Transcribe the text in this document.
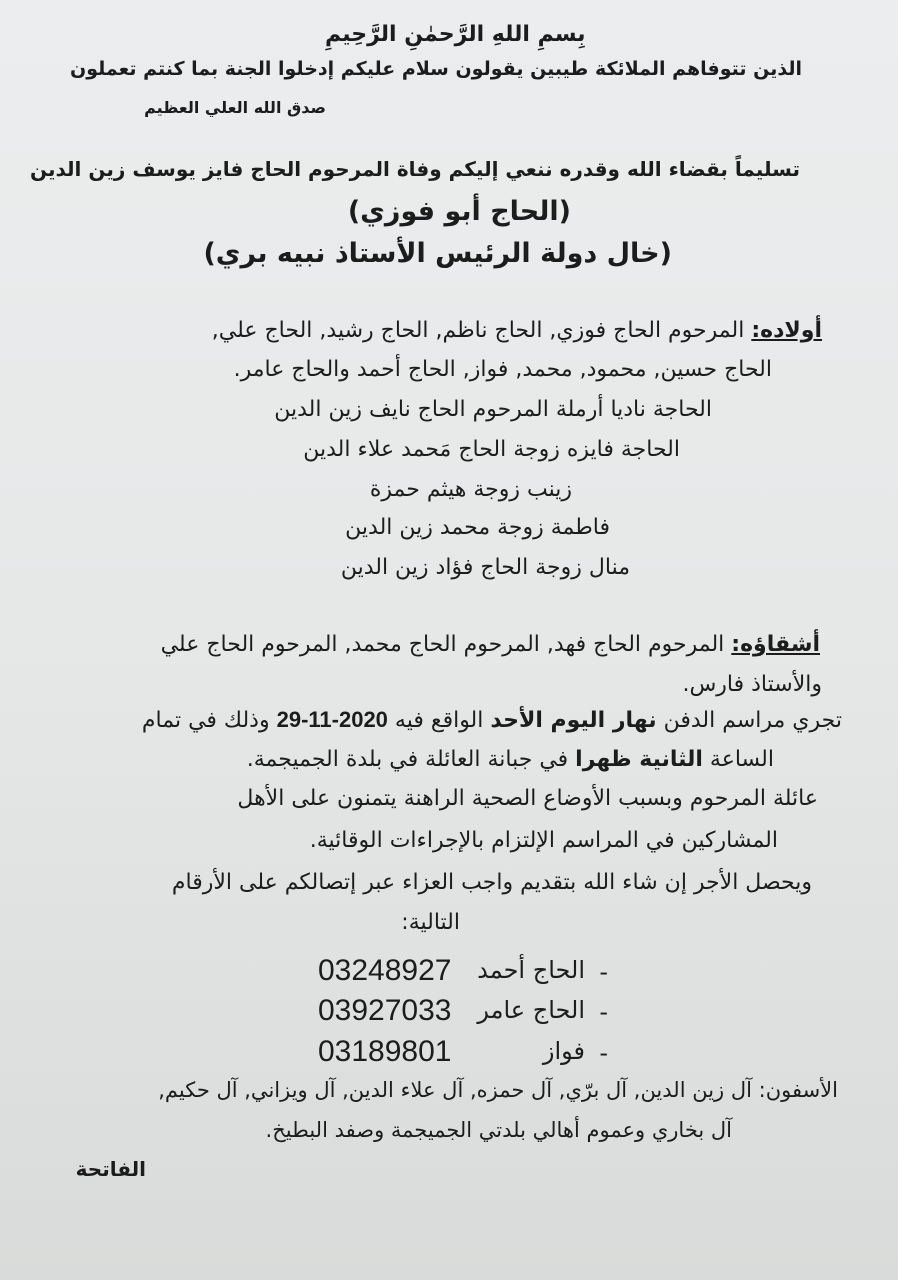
بِسمِ اللهِ الرَّحمٰنِ الرَّحِيمِ
الذين تتوفاهم الملائكة طيبين يقولون سلام عليكم إدخلوا الجنة بما كنتم تعملون
صدق الله العلي العظيم
تسليماً بقضاء الله وقدره ننعي إليكم وفاة المرحوم الحاج فايز يوسف زين الدين
(الحاج أبو فوزي)
(خال دولة الرئيس الأستاذ نبيه بري)
أولاده: المرحوم الحاج فوزي, الحاج ناظم, الحاج رشيد, الحاج علي,
الحاج حسين, محمود, محمد, فواز, الحاج أحمد والحاج عامر.
الحاجة ناديا أرملة المرحوم الحاج نايف زين الدين
الحاجة فايزه زوجة الحاج مَحمد علاء الدين
زينب زوجة هيثم حمزة
فاطمة زوجة محمد زين الدين
منال زوجة الحاج فؤاد زين الدين
أشقاؤه: المرحوم الحاج فهد, المرحوم الحاج محمد, المرحوم الحاج علي
والأستاذ فارس.
تجري مراسم الدفن نهار اليوم الأحد الواقع فيه 29-11-2020 وذلك في تمام
الساعة الثانية ظهرا في جبانة العائلة في بلدة الجميجمة.
عائلة المرحوم وبسبب الأوضاع الصحية الراهنة يتمنون على الأهل
المشاركين في المراسم الإلتزام بالإجراءات الوقائية.
ويحصل الأجر إن شاء الله بتقديم واجب العزاء عبر إتصالكم على الأرقام
التالية:
-
الحاج أحمد
03248927
-
الحاج عامر
03927033
-
فواز
03189801
الأسفون: آل زين الدين, آل برّي, آل حمزه, آل علاء الدين, آل ويزاني, آل حكيم,
آل بخاري وعموم أهالي بلدتي الجميجمة وصفد البطيخ.
الفاتحة
